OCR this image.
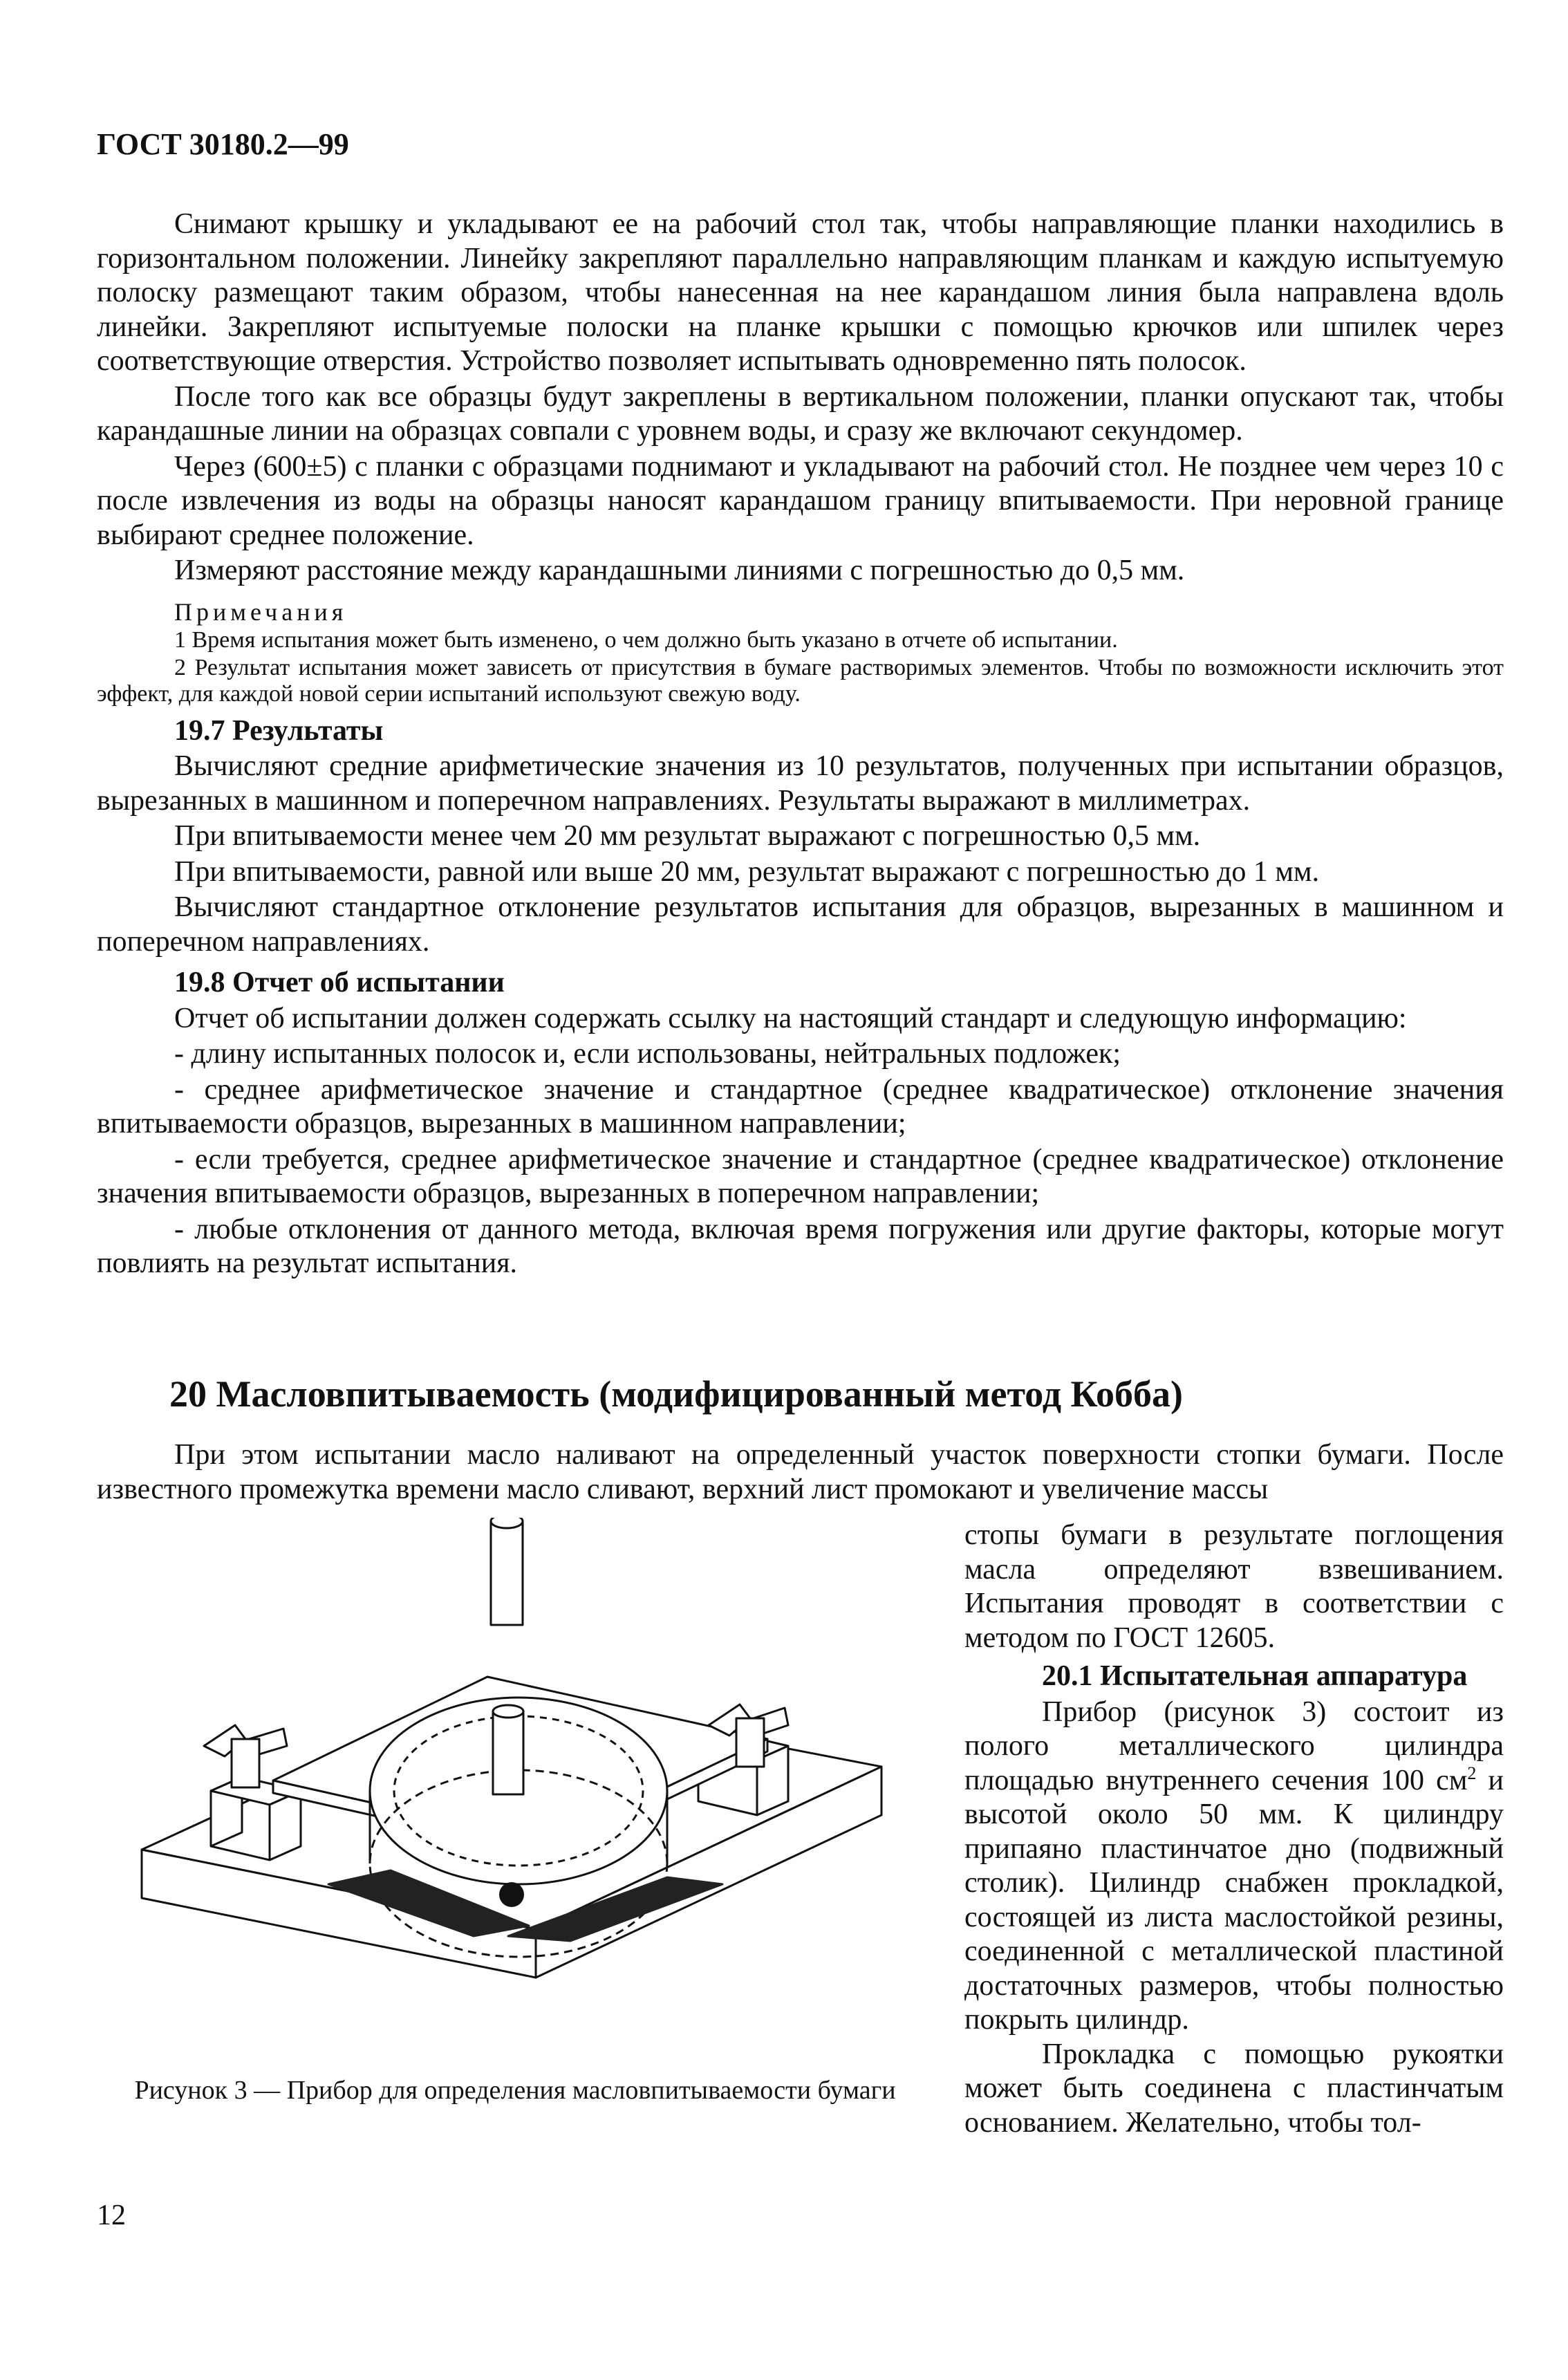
ГОСТ 30180.2—99

Снимают крышку и укладывают ее на рабочий стол так, чтобы направляющие планки находились в горизонтальном положении. Линейку закрепляют параллельно направляющим планкам и каждую испытуемую полоску размещают таким образом, чтобы нанесенная на нее карандашом линия была направлена вдоль линейки. Закрепляют испытуемые полоски на планке крышки с помощью крючков или шпилек через соответствующие отверстия. Устройство позволяет испытывать одновременно пять полосок.

После того как все образцы будут закреплены в вертикальном положении, планки опускают так, чтобы карандашные линии на образцах совпали с уровнем воды, и сразу же включают секундомер.

Через (600±5) с планки с образцами поднимают и укладывают на рабочий стол. Не позднее чем через 10 с после извлечения из воды на образцы наносят карандашом границу впитываемости. При неровной границе выбирают среднее положение.

Измеряют расстояние между карандашными линиями с погрешностью до 0,5 мм.

Примечания

1 Время испытания может быть изменено, о чем должно быть указано в отчете об испытании.

2 Результат испытания может зависеть от присутствия в бумаге растворимых элементов. Чтобы по возможности исключить этот эффект, для каждой новой серии испытаний используют свежую воду.

19.7 Результаты

Вычисляют средние арифметические значения из 10 результатов, полученных при испытании образцов, вырезанных в машинном и поперечном направлениях. Результаты выражают в миллиметрах.

При впитываемости менее чем 20 мм результат выражают с погрешностью 0,5 мм.

При впитываемости, равной или выше 20 мм, результат выражают с погрешностью до 1 мм.

Вычисляют стандартное отклонение результатов испытания для образцов, вырезанных в машинном и поперечном направлениях.

19.8 Отчет об испытании

Отчет об испытании должен содержать ссылку на настоящий стандарт и следующую информацию:

- длину испытанных полосок и, если использованы, нейтральных подложек;

- среднее арифметическое значение и стандартное (среднее квадратическое) отклонение значения впитываемости образцов, вырезанных в машинном направлении;

- если требуется, среднее арифметическое значение и стандартное (среднее квадратическое) отклонение значения впитываемости образцов, вырезанных в поперечном направлении;

- любые отклонения от данного метода, включая время погружения или другие факторы, которые могут повлиять на результат испытания.

20 Масловпитываемость (модифицированный метод Кобба)

При этом испытании масло наливают на определенный участок поверхности стопки бумаги. После известного промежутка времени масло сливают, верхний лист промокают и увеличение массы

стопы бумаги в результате поглощения масла определяют взвешиванием. Испытания проводят в соответствии с методом по ГОСТ 12605.

20.1 Испытательная аппаратура

Прибор (рисунок 3) состоит из полого металлического цилиндра площадью внутреннего сечения 100 $см^2$ и высотой около 50 мм. К цилиндру припаяно пластинчатое дно (подвижный столик). Цилиндр снабжен прокладкой, состоящей из листа маслостойкой резины, соединенной с металлической пластиной достаточных размеров, чтобы полностью покрыть цилиндр.

Прокладка с помощью рукоятки может быть соединена с пластинчатым основанием. Желательно, чтобы тол-

Рисунок 3 — Прибор для определения масловпитываемости бумаги
12
